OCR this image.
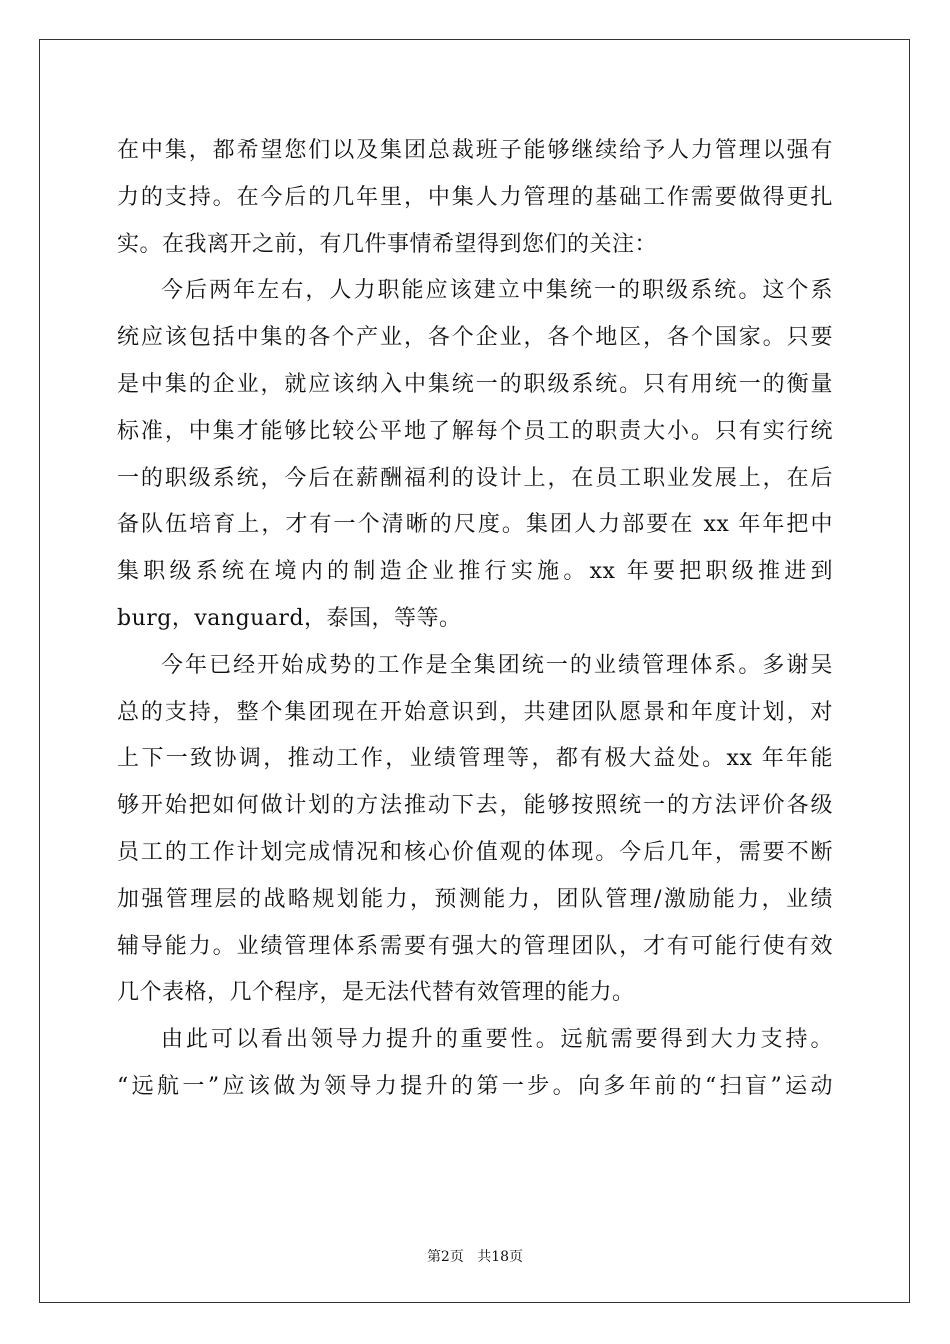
在中集，都希望您们以及集团总裁班子能够继续给予人力管理以强有
力的支持。在今后的几年里，中集人力管理的基础工作需要做得更扎
实。在我离开之前，有几件事情希望得到您们的关注：
今后两年左右，人力职能应该建立中集统一的职级系统。这个系
统应该包括中集的各个产业，各个企业，各个地区，各个国家。只要
是中集的企业，就应该纳入中集统一的职级系统。只有用统一的衡量
标准，中集才能够比较公平地了解每个员工的职责大小。只有实行统
一的职级系统，今后在薪酬福利的设计上，在员工职业发展上，在后
备队伍培育上，才有一个清晰的尺度。集团人力部要在 xx 年年把中
集职级系统在境内的制造企业推行实施。xx 年要把职级推进到
burg，vanguard，泰国，等等。
今年已经开始成势的工作是全集团统一的业绩管理体系。多谢吴
总的支持，整个集团现在开始意识到，共建团队愿景和年度计划，对
上下一致协调，推动工作，业绩管理等，都有极大益处。xx 年年能
够开始把如何做计划的方法推动下去，能够按照统一的方法评价各级
员工的工作计划完成情况和核心价值观的体现。今后几年，需要不断
加强管理层的战略规划能力，预测能力，团队管理/激励能力，业绩
辅导能力。业绩管理体系需要有强大的管理团队，才有可能行使有效
几个表格，几个程序，是无法代替有效管理的能力。
由此可以看出领导力提升的重要性。远航需要得到大力支持。
“远航一”应该做为领导力提升的第一步。向多年前的“扫盲”运动
第2页 共18页
